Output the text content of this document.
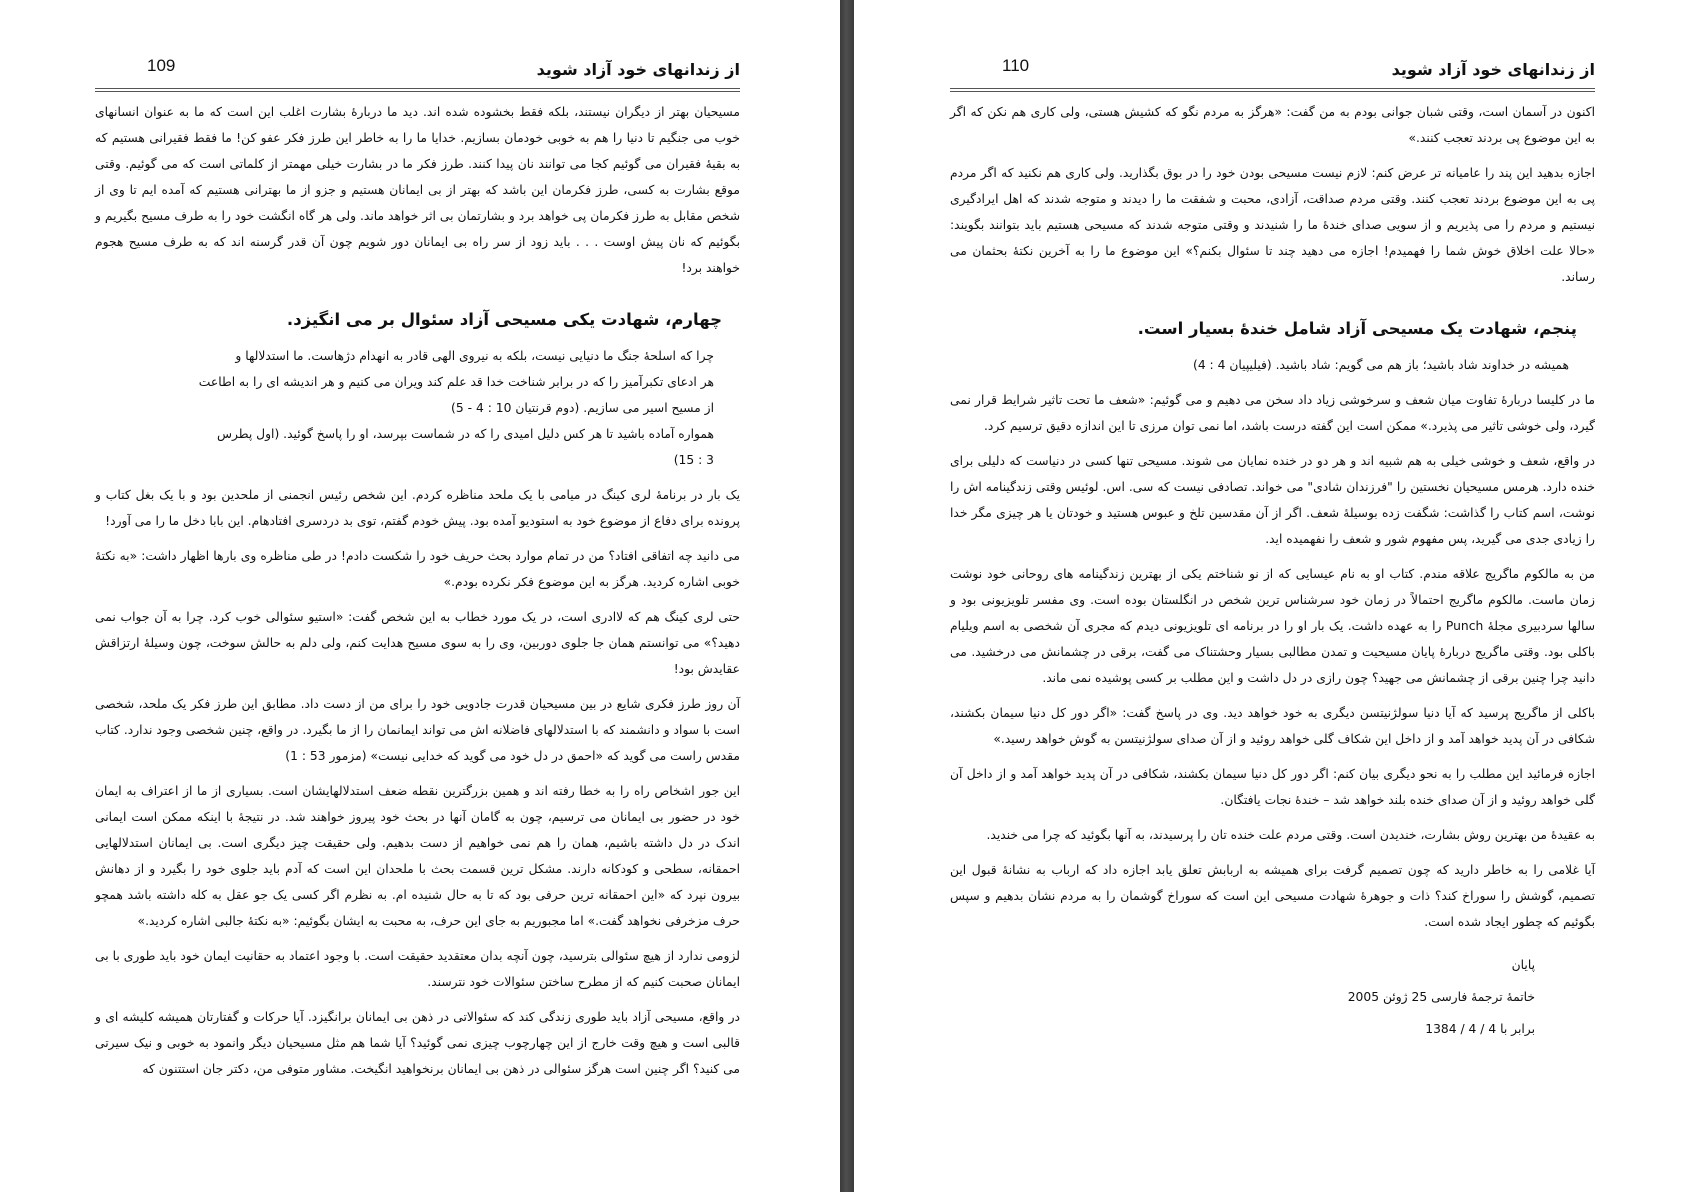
از زندانهای خود آزاد شوید
109

مسیحیان بهتر از دیگران نیستند، بلکه فقط بخشوده شده اند. دید ما دربارهٔ بشارت اغلب این است که ما به عنوان انسانهای خوب می جنگیم تا دنیا را هم به خوبی خودمان بسازیم. خدایا ما را به خاطر این طرز فکر عفو کن! ما فقط فقیرانی هستیم که به بقیهٔ فقیران می گوئیم کجا می توانند نان پیدا کنند. طرز فکر ما در بشارت خیلی مهمتر از کلماتی است که می گوئیم. وقتی موقع بشارت به کسی، طرز فکرمان این باشد که بهتر از بی ایمانان هستیم و جزو از ما بهترانی هستیم که آمده ایم تا وی از شخص مقابل به طرز فکرمان پی خواهد برد و بشارتمان بی اثر خواهد ماند. ولی هر گاه انگشت خود را به طرف مسیح بگیریم و بگوئیم که نان پیش اوست . . . باید زود از سر راه بی ایمانان دور شویم چون آن قدر گرسنه اند که به طرف مسیح هجوم خواهند برد!

چهارم، شهادت یکی مسیحی آزاد سئوال بر می انگیزد.

چرا که اسلحهٔ جنگ ما دنیایی نیست، بلکه به نیروی الهی قادر به انهدام دژهاست. ما استدلالها و
هر ادعای تکبرآمیز را که در برابر شناخت خدا قد علم کند ویران می کنیم و هر اندیشه ای را به اطاعت
از مسیح اسیر می سازیم. (دوم قرنتیان 10 : 4 - 5)
همواره آماده باشید تا هر کس دلیل امیدی را که در شماست بپرسد، او را پاسخ گوئید. (اول پطرس
3 : 15)

یک بار در برنامهٔ لری کینگ در میامی با یک ملحد مناظره کردم. این شخص رئیس انجمنی از ملحدین بود و با یک بغل کتاب و پرونده برای دفاع از موضوع خود به استودیو آمده بود. پیش خودم گفتم، توی بد دردسری افتادهام. این بابا دخل ما را می آورد!

می دانید چه اتفاقی افتاد؟ من در تمام موارد بحث حریف خود را شکست دادم! در طی مناظره وی بارها اظهار داشت: «به نکتهٔ خوبی اشاره کردید. هرگز به این موضوع فکر نکرده بودم.»

حتی لری کینگ هم که لاادری است، در یک مورد خطاب به این شخص گفت: «استیو سئوالی خوب کرد. چرا به آن جواب نمی دهید؟» می توانستم همان جا جلوی دوربین، وی را به سوی مسیح هدایت کنم، ولی دلم به حالش سوخت، چون وسیلهٔ ارتزاقش عقایدش بود!

آن روز طرز فکری شایع در بین مسیحیان قدرت جادویی خود را برای من از دست داد. مطابق این طرز فکر یک ملحد، شخصی است با سواد و دانشمند که با استدلالهای فاضلانه اش می تواند ایمانمان را از ما بگیرد. در واقع، چنین شخصی وجود ندارد. کتاب مقدس راست می گوید که «احمق در دل خود می گوید که خدایی نیست» (مزمور 53 : 1)

این جور اشخاص راه را به خطا رفته اند و همین بزرگترین نقطه ضعف استدلالهایشان است. بسیاری از ما از اعتراف به ایمان خود در حضور بی ایمانان می ترسیم، چون به گامان آنها در بحث خود پیروز خواهند شد. در نتیجهٔ با اینکه ممکن است ایمانی اندک در دل داشته باشیم، همان را هم نمی خواهیم از دست بدهیم. ولی حقیقت چیز دیگری است. بی ایمانان استدلالهایی احمقانه، سطحی و کودکانه دارند. مشکل ترین قسمت بحث با ملحدان این است که آدم باید جلوی خود را بگیرد و از دهانش بیرون نپرد که «این احمقانه ترین حرفی بود که تا به حال شنیده ام. به نظرم اگر کسی یک جو عقل به کله داشته باشد همچو حرف مزخرفی نخواهد گفت.» اما مجبوریم به جای این حرف، به محبت به ایشان بگوئیم: «به نکتهٔ جالبی اشاره کردید.»

لزومی ندارد از هیچ سئوالی بترسید، چون آنچه بدان معتقدید حقیقت است. با وجود اعتماد به حقانیت ایمان خود باید طوری با بی ایمانان صحبت کنیم که از مطرح ساختن سئوالات خود نترسند.

در واقع، مسیحی آزاد باید طوری زندگی کند که سئوالاتی در ذهن بی ایمانان برانگیزد. آیا حرکات و گفتارتان همیشه کلیشه ای و قالبی است و هیچ وقت خارج از این چهارچوب چیزی نمی گوئید؟ آیا شما هم مثل مسیحیان دیگر وانمود به خوبی و نیک سیرتی می کنید؟ اگر چنین است هرگز سئوالی در ذهن بی ایمانان برنخواهید انگیخت. مشاور متوفی من، دکتر جان استتنون که

از زندانهای خود آزاد شوید
110

اکنون در آسمان است، وقتی شبان جوانی بودم به من گفت: «هرگز به مردم نگو که کشیش هستی، ولی کاری هم نکن که اگر به این موضوع پی بردند تعجب کنند.»

اجازه بدهید این پند را عامیانه تر عرض کنم: لازم نیست مسیحی بودن خود را در بوق بگذارید. ولی کاری هم نکنید که اگر مردم پی به این موضوع بردند تعجب کنند. وقتی مردم صداقت، آزادی، محبت و شفقت ما را دیدند و متوجه شدند که اهل ایرادگیری نیستیم و مردم را می پذیریم و از سویی صدای خندهٔ ما را شنیدند و وقتی متوجه شدند که مسیحی هستیم باید بتوانند بگویند: «حالا علت اخلاق خوش شما را فهمیدم! اجازه می دهید چند تا سئوال بکنم؟» این موضوع ما را به آخرین نکتهٔ بحثمان می رساند.

پنجم، شهادت یک مسیحی آزاد شامل خندهٔ بسیار است.

همیشه در خداوند شاد باشید؛ باز هم می گویم: شاد باشید. (فیلیپیان 4 : 4)

ما در کلیسا دربارهٔ تفاوت میان شعف و سرخوشی زیاد داد سخن می دهیم و می گوئیم: «شعف ما تحت تاثیر شرایط قرار نمی گیرد، ولی خوشی تاثیر می پذیرد.» ممکن است این گفته درست باشد، اما نمی توان مرزی تا این اندازه دقیق ترسیم کرد.

در واقع، شعف و خوشی خیلی به هم شبیه اند و هر دو در خنده نمایان می شوند. مسیحی تنها کسی در دنیاست که دلیلی برای خنده دارد. هرمس مسیحیان نخستین را "فرزندان شادی" می خواند. تصادفی نیست که سی. اس. لوئیس وقتی زندگینامه اش را نوشت، اسم کتاب را گذاشت: شگفت زده بوسیلهٔ شعف. اگر از آن مقدسین تلخ و عبوس هستید و خودتان یا هر چیزی مگر خدا را زیادی جدی می گیرید، پس مفهوم شور و شعف را نفهمیده اید.

من به مالکوم ماگریج علاقه مندم. کتاب او به نام عیسایی که از نو شناختم یکی از بهترین زندگینامه های روحانی خود نوشت زمان ماست. مالکوم ماگریج احتمالاً در زمان خود سرشناس ترین شخص در انگلستان بوده است. وی مفسر تلویزیونی بود و سالها سردبیری مجلهٔ Punch را به عهده داشت. یک بار او را در برنامه ای تلویزیونی دیدم که مجری آن شخصی به اسم ویلیام باکلی بود. وقتی ماگریج دربارهٔ پایان مسیحیت و تمدن مطالبی بسیار وحشتناک می گفت، برقی در چشمانش می درخشید. می دانید چرا چنین برقی از چشمانش می جهید؟ چون رازی در دل داشت و این مطلب بر کسی پوشیده نمی ماند.

باکلی از ماگریج پرسید که آیا دنیا سولژنیتسن دیگری به خود خواهد دید. وی در پاسخ گفت: «اگر دور کل دنیا سیمان بکشند، شکافی در آن پدید خواهد آمد و از داخل این شکاف گلی خواهد روئید و از آن صدای سولژنیتسن به گوش خواهد رسید.»

اجازه فرمائید این مطلب را به نحو دیگری بیان کنم: اگر دور کل دنیا سیمان بکشند، شکافی در آن پدید خواهد آمد و از داخل آن گلی خواهد روئید و از آن صدای خنده بلند خواهد شد – خندهٔ نجات یافتگان.

به عقیدهٔ من بهترین روش بشارت، خندیدن است. وقتی مردم علت خنده تان را پرسیدند، به آنها بگوئید که چرا می خندید.

آیا غلامی را به خاطر دارید که چون تصمیم گرفت برای همیشه به اربابش تعلق یابد اجازه داد که ارباب به نشانهٔ قبول این تصمیم، گوشش را سوراخ کند؟ ذات و جوهرهٔ شهادت مسیحی این است که سوراخ گوشمان را به مردم نشان بدهیم و سپس بگوئیم که چطور ایجاد شده است.

پایان
خاتمهٔ ترجمهٔ فارسی 25 ژوئن 2005
برابر با 4 / 4 / 1384
